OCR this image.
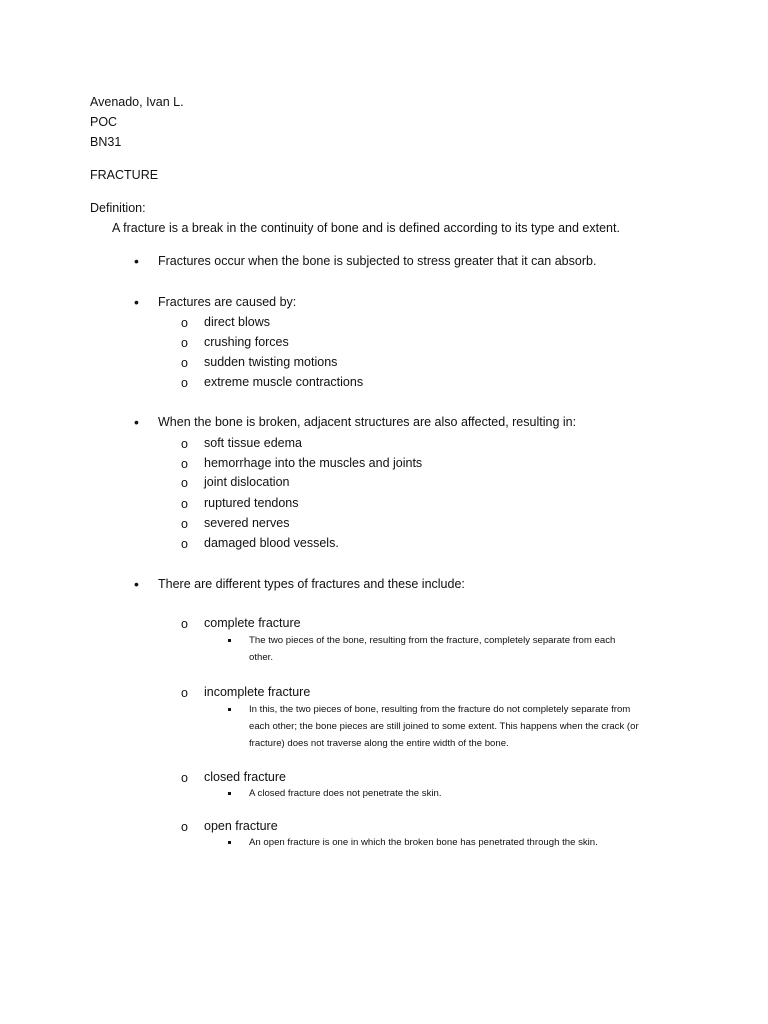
Avenado, Ivan L.
POC
BN31
FRACTURE
Definition:
A fracture is a break in the continuity of bone and is defined according to its type and extent.
• Fractures occur when the bone is subjected to stress greater that it can absorb.
• Fractures are caused by:
o direct blows
o crushing forces
o sudden twisting motions
o extreme muscle contractions
• When the bone is broken, adjacent structures are also affected, resulting in:
o soft tissue edema
o hemorrhage into the muscles and joints
o joint dislocation
o ruptured tendons
o severed nerves
o damaged blood vessels.
• There are different types of fractures and these include:
o complete fracture
The two pieces of the bone, resulting from the fracture, completely separate from each
other.
o incomplete fracture
In this, the two pieces of bone, resulting from the fracture do not completely separate from
each other; the bone pieces are still joined to some extent. This happens when the crack (or
fracture) does not traverse along the entire width of the bone.
o closed fracture
A closed fracture does not penetrate the skin.
o open fracture
An open fracture is one in which the broken bone has penetrated through the skin.
